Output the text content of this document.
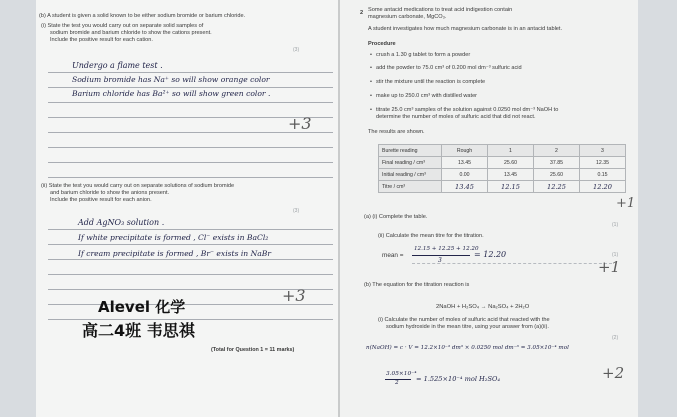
(b) A student is given a solid known to be either sodium bromide or barium chloride.
(i) State the test you would carry out on separate solid samples of
sodium bromide and barium chloride to show the cations present.
Include the positive result for each cation.
(3)
Undergo a flame test .
Sodium bromide has Na⁺ so will show orange color
Barium chloride has Ba²⁺ so will show green color .
+3
(ii) State the test you would carry out on separate solutions of sodium bromide
and barium chloride to show the anions present.
Include the positive result for each anion.
(3)
Add AgNO₃ solution .
If white precipitate is formed , Cl⁻ exists in BaCl₂
If cream precipitate is formed , Br⁻ exists in NaBr
Alevel 化学
高二4班 韦思祺
+3
(Total for Question 1 = 11 marks)
2 Some antacid medications to treat acid indigestion contain
magnesium carbonate, MgCO₃.
A student investigates how much magnesium carbonate is in an antacid tablet.
Procedure
• crush a 1.30 g tablet to form a powder
• add the powder to 75.0 cm³ of 0.200 mol dm⁻³ sulfuric acid
• stir the mixture until the reaction is complete
• make up to 250.0 cm³ with distilled water
• titrate 25.0 cm³ samples of the solution against 0.0250 mol dm⁻³ NaOH to
determine the number of moles of sulfuric acid that did not react.
The results are shown.
Burette reading	Rough	1	2	3
Final reading / cm³	13.45	25.60	37.85	12.35
Initial reading / cm³	0.00	13.45	25.60	0.15
Titre / cm³	13.45	12.15	12.25	12.20
+1
(a) (i) Complete the table.
(1)
(ii) Calculate the mean titre for the titration.
12.15 + 12.25 + 12.20
3
mean =	= 12.20	(1)
+1
(b) The equation for the titration reaction is
2NaOH + H₂SO₄ → Na₂SO₄ + 2H₂O
(i) Calculate the number of moles of sulfuric acid that reacted with the
sodium hydroxide in the mean titre, using your answer from (a)(ii).
(2)
n(NaOH) = c · V = 12.2×10⁻³ dm³ × 0.0250 mol dm⁻³ = 3.05×10⁻⁴ mol
3.05×10⁻⁴
2	= 1.525×10⁻⁴ mol H₂SO₄	+2
